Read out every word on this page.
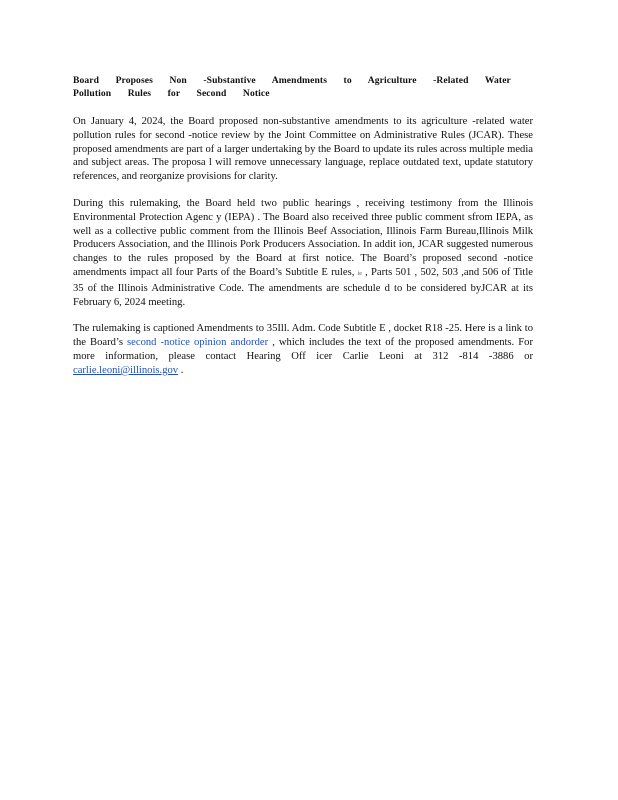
Board Proposes Non -Substantive Amendments to Agriculture -Related Water Pollution Rules for Second Notice

On January 4, 2024, the Board proposed non-substantive amendments to its agriculture -related water pollution rules for second -notice review by the Joint Committee on Administrative Rules (JCAR). These proposed amendments are part of a larger undertaking by the Board to update its rules across multiple media and subject areas. The proposa l will remove unnecessary language, replace outdated text, update statutory references, and reorganize provisions for clarity.

During this rulemaking, the Board held two public hearings , receiving testimony from the Illinois Environmental Protection Agenc y (IEPA) . The Board also received three public comment sfrom IEPA, as well as a collective public comment from the Illinois Beef Association, Illinois Farm Bureau,Illinois Milk Producers Association, and the Illinois Pork Producers Association. In addit ion, JCAR suggested numerous changes to the rules proposed by the Board at first notice. The Board’s proposed second -notice amendments impact all four Parts of the Board’s Subtitle E rules, ie , Parts 501 , 502, 503 ,and 506 of Title 35 of the Illinois Administrative Code. The amendments are schedule d to be considered byJCAR at its February 6, 2024 meeting.

The rulemaking is captioned Amendments to 35Ill. Adm. Code Subtitle E , docket R18 -25. Here is a link to the Board’s second -notice opinion andorder , which includes the text of the proposed amendments. For more information, please contact Hearing Off icer Carlie Leoni at 312 -814 -3886 or carlie.leoni@illinois.gov .
